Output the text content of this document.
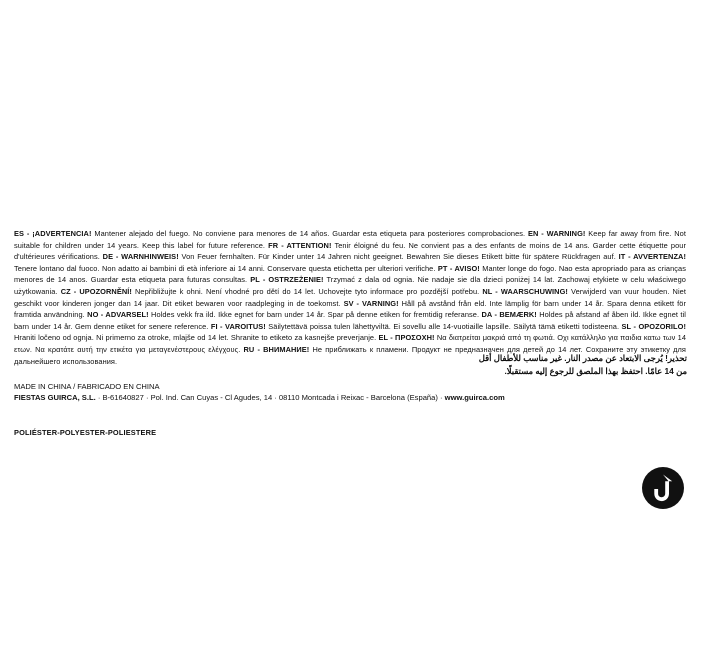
ES - ¡ADVERTENCIA! Mantener alejado del fuego. No conviene para menores de 14 años. Guardar esta etiqueta para posteriores comprobaciones. EN - WARNING! Keep far away from fire. Not suitable for children under 14 years. Keep this label for future reference. FR - ATTENTION! Tenir éloigné du feu. Ne convient pas a des enfants de moins de 14 ans. Garder cette étiquette pour d'ultérieures vérifications. DE - WARNHINWEIS! Von Feuer fernhalten. Für Kinder unter 14 Jahren nicht geeignet. Bewahren Sie dieses Etikett bitte für spätere Rückfragen auf. IT - AVVERTENZA! Tenere lontano dal fuoco. Non adatto ai bambini di età inferiore ai 14 anni. Conservare questa etichetta per ulteriori verifiche. PT - AVISO! Manter longe do fogo. Nao esta apropriado para as crianças menores de 14 anos. Guardar esta etiqueta para futuras consultas. PL - OSTRZEŻENIE! Trzymać z dala od ognia. Nie nadaje sie dla dzieci poniżej 14 lat. Zachowaj etykiete w celu właściwego użytkowania. CZ - UPOZORNĚNÍ! Nepřibližujte k ohni. Není vhodné pro dětí do 14 let. Uchovejte tyto informace pro pozdější potřebu. NL - WAARSCHUWING! Verwijderd van vuur houden. Niet geschikt voor kinderen jonger dan 14 jaar. Dit etiket bewaren voor raadpleging in de toekomst. SV - VARNING! Håll på avstånd från eld. Inte lämplig för barn under 14 år. Spara denna etikett för framtida användning. NO - ADVARSEL! Holdes vekk fra ild. Ikke egnet for barn under 14 år. Spar på denne etiken for fremtidig referanse. DA - BEMÆRK! Holdes på afstand af åben ild. Ikke egnet til barn under 14 år. Gem denne etiket for senere reference. FI - VAROITUS! Säilytettävä poissa tulen lähettyviltä. Ei sovellu alle 14-vuotiaille lapsille. Säilytä tämä etiketti todisteena. SL - OPOZORILO! Hraniti ločeno od ognja. Ni primerno za otroke, mlajše od 14 let. Shranite to etiketo za kasnejše preverjanje. EL - ΠΡΟΣΟΧΗ! Να διατρείται μακριά από τη φωτιά. Οχι κατάλληλο για παιδια κατω των 14 ετων. Να κρατάτε αυτή την ετικέτα για μεταγενέστερους ελέγχους. RU - ВНИМАНИЕ! Не приближать к пламени. Продукт не предназначен для детей до 14 лет. Сохраните эту этикетку для дальнейшего использования.	تحذير! يُرجى الابتعاد عن مصدر النار. غير مناسب للأطفال أقل
من 14 عامًا. احتفظ بهذا الملصق للرجوع إليه مستقبلًا.
MADE IN CHINA / FABRICADO EN CHINA
FIESTAS GUIRCA, S.L. · B-61640827 · Pol. Ind. Can Cuyas - Cl Agudes, 14 · 08110 Montcada i Reixac - Barcelona (España) · www.guirca.com
POLIÉSTER-POLYESTER-POLIESTERE
